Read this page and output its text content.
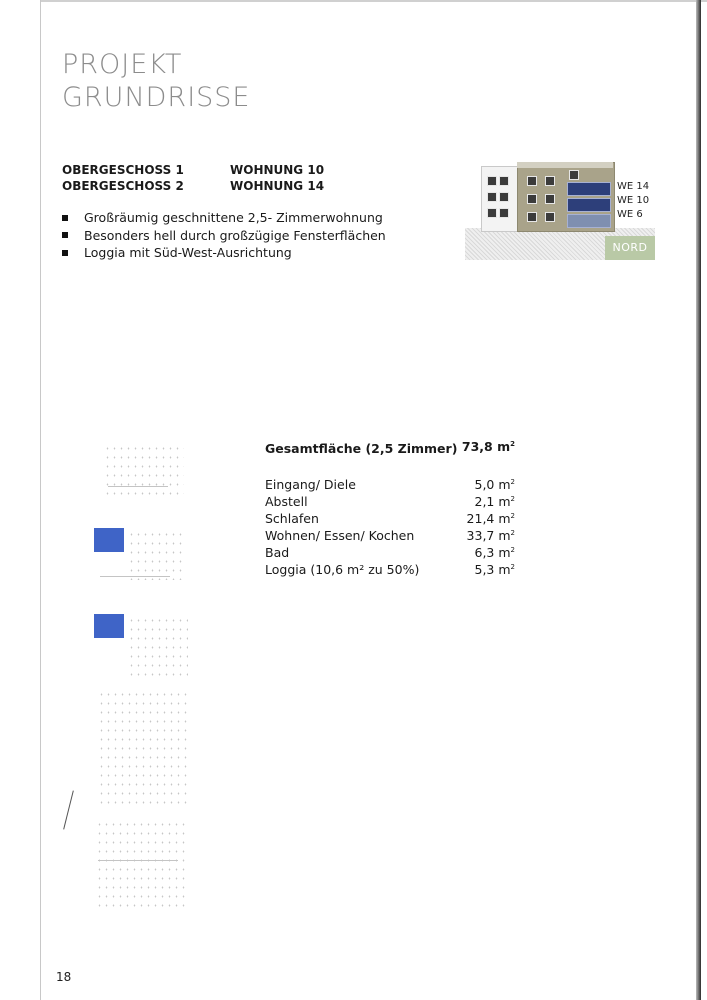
PROJEKT
GRUNDRISSE
OBERGESCHOSS 1	WOHNUNG 10
OBERGESCHOSS 2	WOHNUNG 14
Großräumig geschnittene 2,5- Zimmerwohnung
Besonders hell durch großzügige Fensterflächen
Loggia mit Süd-West-Ausrichtung
WE 14
WE 10
WE 6
NORD
Gesamtfläche (2,5 Zimmer) 73,8 $m^2$
Eingang/ Diele	5,0 $m^2$
Abstell	2,1 $m^2$
Schlafen	21,4 $m^2$
Wohnen/ Essen/ Kochen	33,7 $m^2$
Bad	6,3 $m^2$
Loggia (10,6 m² zu 50%)	5,3 $m^2$
18
